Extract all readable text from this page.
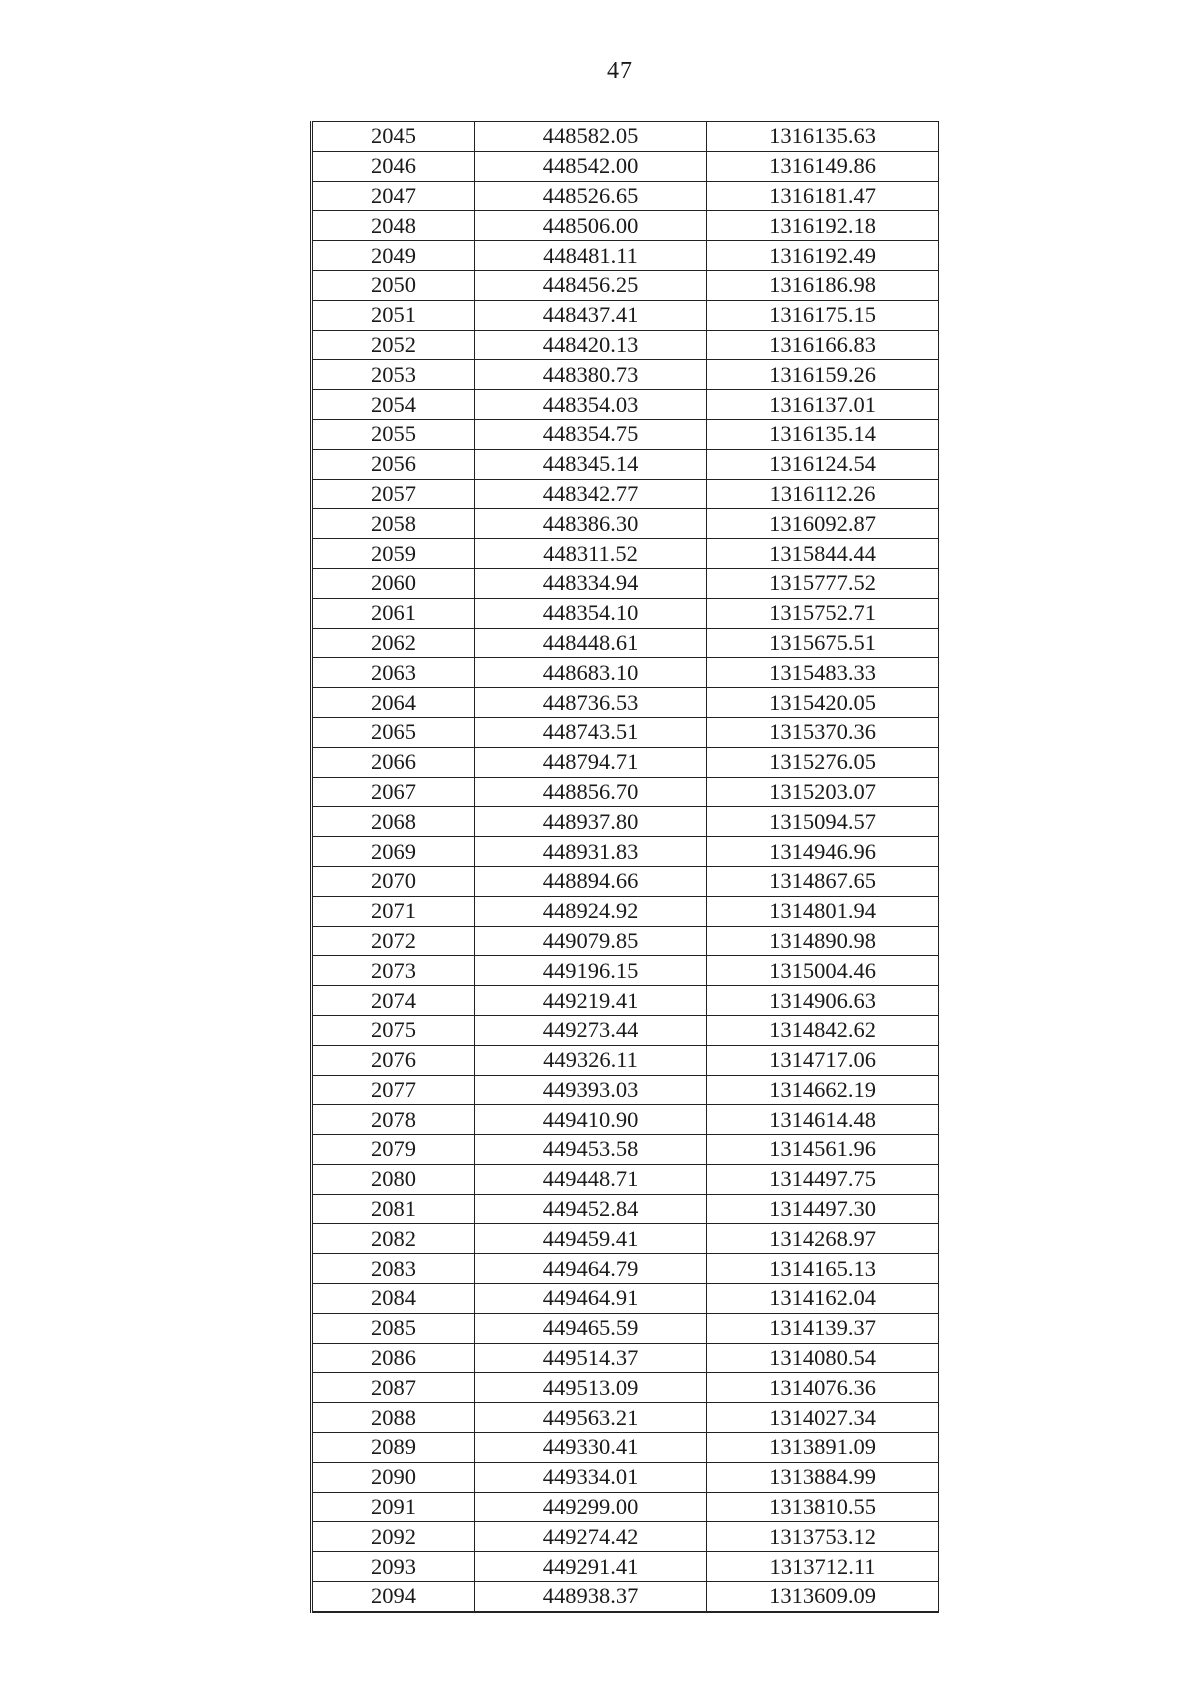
47
2045	448582.05	1316135.63
2046	448542.00	1316149.86
2047	448526.65	1316181.47
2048	448506.00	1316192.18
2049	448481.11	1316192.49
2050	448456.25	1316186.98
2051	448437.41	1316175.15
2052	448420.13	1316166.83
2053	448380.73	1316159.26
2054	448354.03	1316137.01
2055	448354.75	1316135.14
2056	448345.14	1316124.54
2057	448342.77	1316112.26
2058	448386.30	1316092.87
2059	448311.52	1315844.44
2060	448334.94	1315777.52
2061	448354.10	1315752.71
2062	448448.61	1315675.51
2063	448683.10	1315483.33
2064	448736.53	1315420.05
2065	448743.51	1315370.36
2066	448794.71	1315276.05
2067	448856.70	1315203.07
2068	448937.80	1315094.57
2069	448931.83	1314946.96
2070	448894.66	1314867.65
2071	448924.92	1314801.94
2072	449079.85	1314890.98
2073	449196.15	1315004.46
2074	449219.41	1314906.63
2075	449273.44	1314842.62
2076	449326.11	1314717.06
2077	449393.03	1314662.19
2078	449410.90	1314614.48
2079	449453.58	1314561.96
2080	449448.71	1314497.75
2081	449452.84	1314497.30
2082	449459.41	1314268.97
2083	449464.79	1314165.13
2084	449464.91	1314162.04
2085	449465.59	1314139.37
2086	449514.37	1314080.54
2087	449513.09	1314076.36
2088	449563.21	1314027.34
2089	449330.41	1313891.09
2090	449334.01	1313884.99
2091	449299.00	1313810.55
2092	449274.42	1313753.12
2093	449291.41	1313712.11
2094	448938.37	1313609.09
